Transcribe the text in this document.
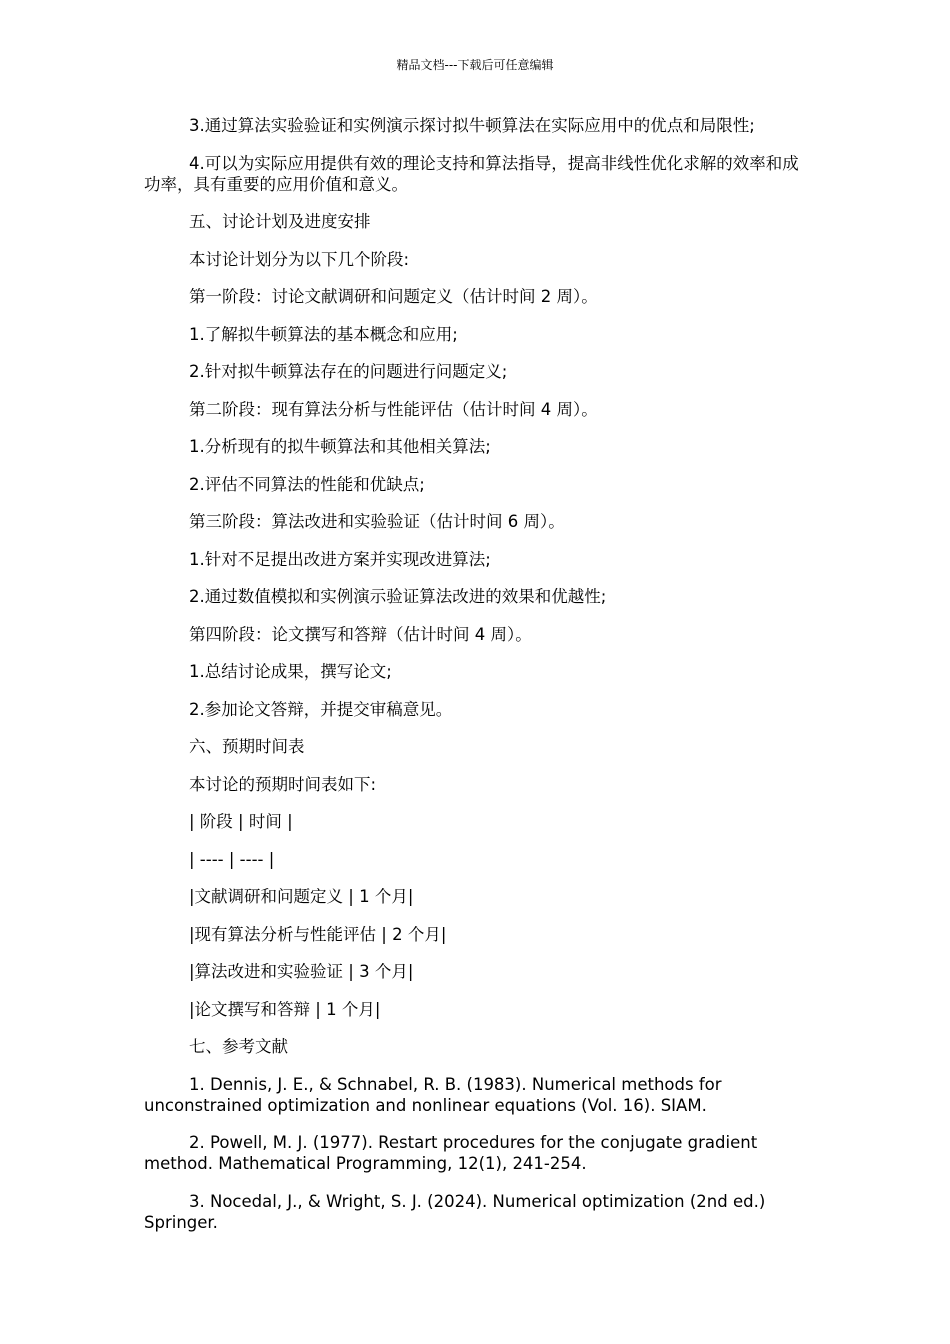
精品文档---下载后可任意编辑

3.通过算法实验验证和实例演示探讨拟牛顿算法在实际应用中的优点和局限性;

4.可以为实际应用提供有效的理论支持和算法指导，提高非线性优化求解的效率和成功率，具有重要的应用价值和意义。

五、讨论计划及进度安排

本讨论计划分为以下几个阶段:

第一阶段：讨论文献调研和问题定义（估计时间 2 周）。

1.了解拟牛顿算法的基本概念和应用;

2.针对拟牛顿算法存在的问题进行问题定义;

第二阶段：现有算法分析与性能评估（估计时间 4 周）。

1.分析现有的拟牛顿算法和其他相关算法;

2.评估不同算法的性能和优缺点;

第三阶段：算法改进和实验验证（估计时间 6 周）。

1.针对不足提出改进方案并实现改进算法;

2.通过数值模拟和实例演示验证算法改进的效果和优越性;

第四阶段：论文撰写和答辩（估计时间 4 周）。

1.总结讨论成果，撰写论文;

2.参加论文答辩，并提交审稿意见。

六、预期时间表

本讨论的预期时间表如下:

| 阶段 | 时间 |

| ---- | ---- |

|文献调研和问题定义 | 1 个月|

|现有算法分析与性能评估 | 2 个月|

|算法改进和实验验证 | 3 个月|

|论文撰写和答辩 | 1 个月|

七、参考文献

1. Dennis, J. E., & Schnabel, R. B. (1983). Numerical methods for unconstrained optimization and nonlinear equations (Vol. 16). SIAM.

2. Powell, M. J. (1977). Restart procedures for the conjugate gradient method. Mathematical Programming, 12(1), 241-254.

3. Nocedal, J., & Wright, S. J. (2024). Numerical optimization (2nd ed.) Springer.
